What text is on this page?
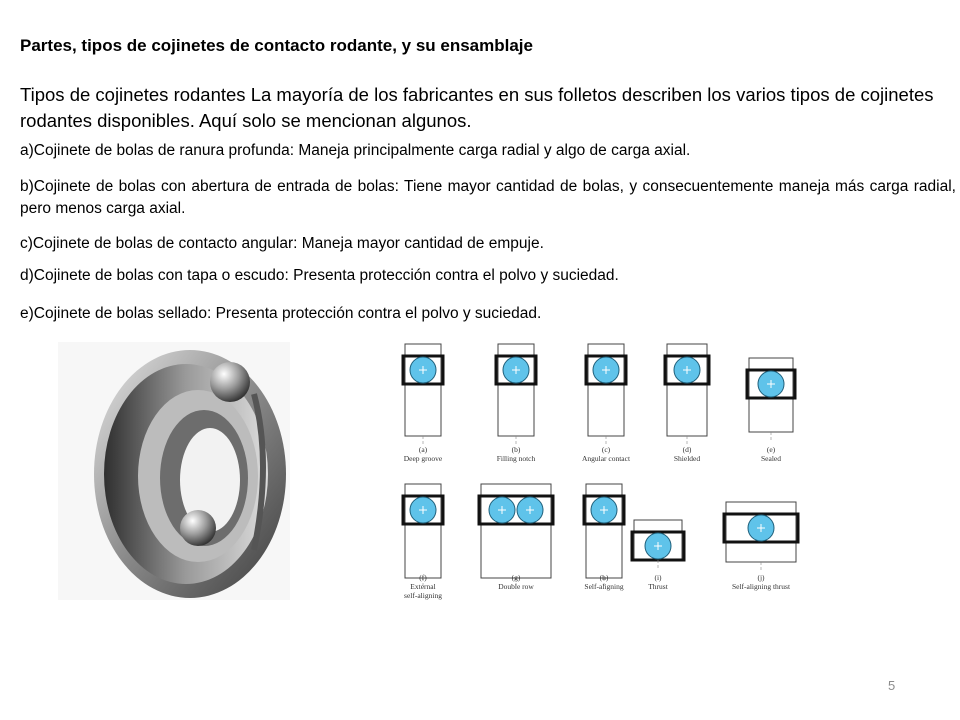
Partes, tipos de cojinetes de contacto rodante, y su ensamblaje
Tipos de cojinetes rodantes La mayoría de los fabricantes en sus folletos describen los varios tipos de cojinetes rodantes disponibles. Aquí solo se mencionan algunos.
a)Cojinete de bolas de ranura profunda: Maneja principalmente carga radial y algo de carga axial.
b)Cojinete de bolas con abertura de entrada de bolas: Tiene mayor cantidad de bolas, y consecuentemente maneja más carga radial, pero menos carga axial.
c)Cojinete de bolas de contacto angular: Maneja mayor cantidad de empuje.
d)Cojinete de bolas con tapa o escudo: Presenta protección contra el polvo y suciedad.
e)Cojinete de bolas sellado: Presenta protección contra el polvo y suciedad.
(a) Deep groove
(b) Filling notch
(c) Angular contact
(d) Shielded
(e) Sealed
(f) External self-aligning
(g) Double row
(h) Self-aligning
(i) Thrust
(j) Self-aligning thrust
5
